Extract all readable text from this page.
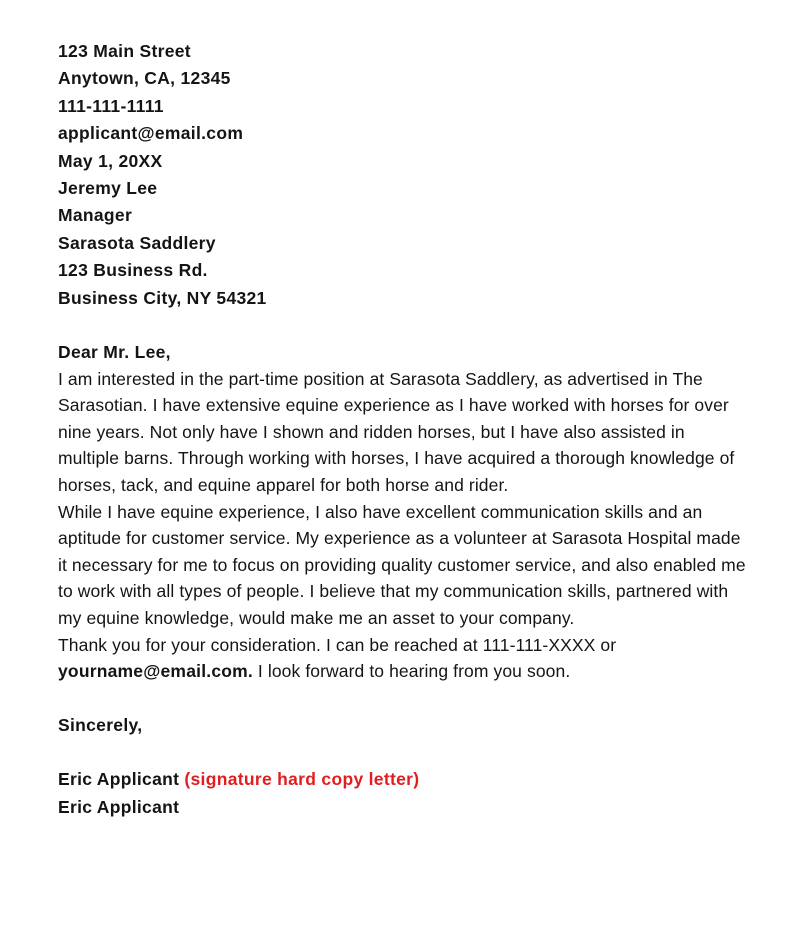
123 Main Street
Anytown, CA, 12345
111-111-1111
applicant@email.com
May 1, 20XX
Jeremy Lee
Manager
Sarasota Saddlery
123 Business Rd.
Business City, NY 54321

Dear Mr. Lee,

I am interested in the part-time position at Sarasota Saddlery, as advertised in The Sarasotian. I have extensive equine experience as I have worked with horses for over nine years. Not only have I shown and ridden horses, but I have also assisted in multiple barns. Through working with horses, I have acquired a thorough knowledge of horses, tack, and equine apparel for both horse and rider.

While I have equine experience, I also have excellent communication skills and an aptitude for customer service. My experience as a volunteer at Sarasota Hospital made it necessary for me to focus on providing quality customer service, and also enabled me to work with all types of people. I believe that my communication skills, partnered with my equine knowledge, would make me an asset to your company.

Thank you for your consideration. I can be reached at 111-111-XXXX or yourname@email.com. I look forward to hearing from you soon.

Sincerely,
Eric Applicant (signature hard copy letter)
Eric Applicant
